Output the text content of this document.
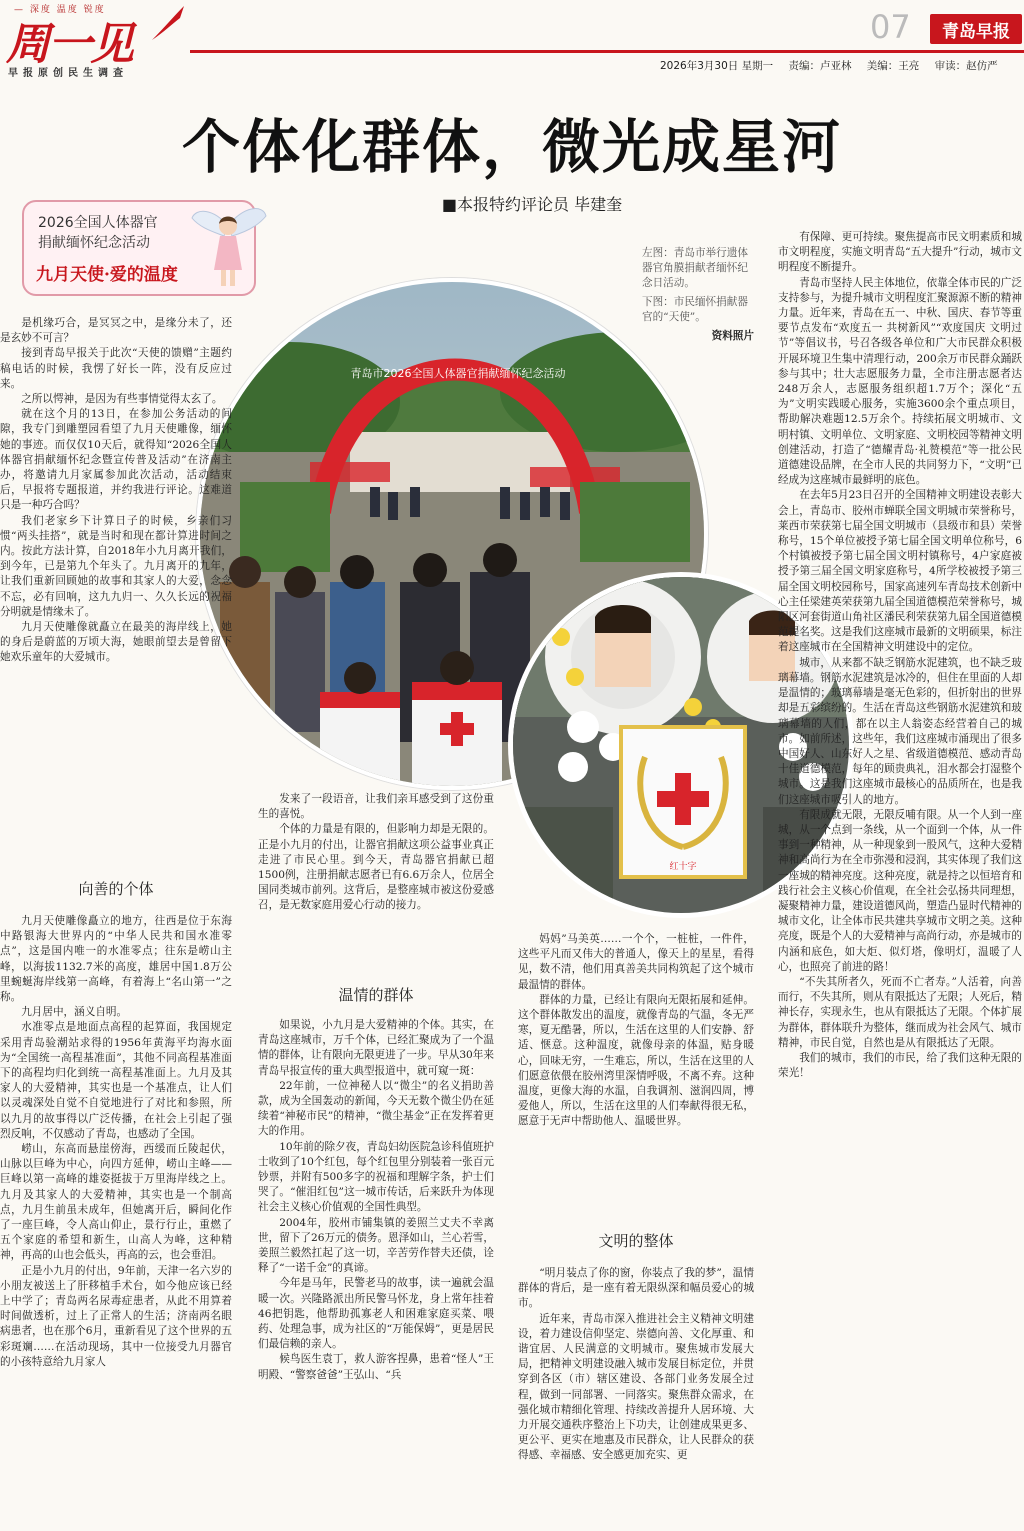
— 深度 温度 锐度
周一见
早报原创民生调查
07	青岛早报
2026年3月30日 星期一 责编：卢亚林 美编：王亮 审读：赵仿严
个体化群体，微光成星河
■本报特约评论员 毕建奎
2026全国人体器官
捐献缅怀纪念活动
九月天使·爱的温度

左图：青岛市举行遗体器官角膜捐献者缅怀纪念日活动。

下图：市民缅怀捐献器官的“天使”。

资料照片

青岛市2026全国人体器官捐献缅怀纪念活动
红十字

是机缘巧合，是冥冥之中，是缘分未了，还是玄妙不可言？

接到青岛早报关于此次“天使的馈赠”主题约稿电话的时候，我愣了好长一阵，没有反应过来。

之所以愕神，是因为有些事情觉得太玄了。

就在这个月的13日，在参加公务活动的间隙，我专门到雕塑园看望了九月天使雕像，缅怀她的事迹。而仅仅10天后，就得知“2026全国人体器官捐献缅怀纪念暨宣传普及活动”在济南主办，将邀请九月家属参加此次活动，活动结束后，早报将专题报道，并约我进行评论。这难道只是一种巧合吗？

我们老家乡下计算日子的时候，乡亲们习惯“两头挂搭”，就是当时和现在都计算进时间之内。按此方法计算，自2018年小九月离开我们，到今年，已是第九个年头了。九月离开的九年，让我们重新回顾她的故事和其家人的大爱，念念不忘，必有回响，这九九归一、久久长远的祝福分明就是情缘未了。

九月天使雕像就矗立在最美的海岸线上，她的身后是蔚蓝的万顷大海，她眼前望去是曾留下她欢乐童年的大爱城市。

向善的个体

九月天使雕像矗立的地方，往西是位于东海中路银海大世界内的“中华人民共和国水准零点”，这是国内唯一的水准零点；往东是崂山主峰，以海拔1132.7米的高度，雄居中国1.8万公里蜿蜒海岸线第一高峰，有着海上“名山第一”之称。

九月居中，涵义自明。

水准零点是地面点高程的起算面，我国规定采用青岛验潮站求得的1956年黄海平均海水面为“全国统一高程基准面”，其他不同高程基准面下的高程均归化到统一高程基准面上。九月及其家人的大爱精神，其实也是一个基准点，让人们以灵魂深处自觉不自觉地进行了对比和参照，所以九月的故事得以广泛传播，在社会上引起了强烈反响，不仅感动了青岛，也感动了全国。

崂山，东高而悬崖傍海，西缓而丘陵起伏，山脉以巨峰为中心，向四方延伸，崂山主峰——巨峰以第一高峰的雄姿挺拔于万里海岸线之上。九月及其家人的大爱精神，其实也是一个制高点，九月生前虽未成年，但她离开后，瞬间化作了一座巨峰，令人高山仰止，景行行止，重燃了五个家庭的希望和新生，山高人为峰，这种精神，再高的山也会低头，再高的云，也会垂泪。

正是小九月的付出，9年前，天津一名六岁的小朋友被送上了肝移植手术台，如今他应该已经上中学了；青岛两名尿毒症患者，从此不用算着时间做透析，过上了正常人的生活；济南两名眼病患者，也在那个6月，重新看见了这个世界的五彩斑斓……在活动现场，其中一位接受九月器官的小孩特意给九月家人

发来了一段语音，让我们亲耳感受到了这份重生的喜悦。

个体的力量是有限的，但影响力却是无限的。正是小九月的付出，让器官捐献这项公益事业真正走进了市民心里。到今天，青岛器官捐献已超1500例，注册捐献志愿者已有6.6万余人，位居全国同类城市前列。这背后，是整座城市被这份爱感召，是无数家庭用爱心行动的接力。

温情的群体

如果说，小九月是大爱精神的个体。其实，在青岛这座城市，万千个体，已经汇聚成为了一个温情的群体，让有限向无限更进了一步。早从30年来青岛早报宣传的重大典型报道中，就可窥一斑：

22年前，一位神秘人以“微尘”的名义捐助善款，成为全国轰动的新闻，今天无数个微尘仍在延续着“神秘市民”的精神，“微尘基金”正在发挥着更大的作用。

10年前的除夕夜，青岛妇幼医院急诊科值班护士收到了10个红包，每个红包里分别装着一张百元钞票，并附有500多字的祝福和理解字条，护士们哭了。“催泪红包”这一城市传话，后来跃升为体现社会主义核心价值观的全国性典型。

2004年，胶州市铺集镇的姜照兰丈夫不幸离世，留下了26万元的债务。恩泽如山，兰心若雪，姜照兰毅然扛起了这一切，辛苦劳作替夫还债，诠释了“一诺千金”的真谛。

今年是马年，民警老马的故事，读一遍就会温暖一次。兴隆路派出所民警马怀龙，身上常年挂着46把钥匙，他帮助孤寡老人和困难家庭买菜、喂药、处理急事，成为社区的“万能保姆”，更是居民们最信赖的亲人。

候鸟医生袁丁，救人游客捏鼻，患着“怪人”王明殿、“警察爸爸”王弘山、“兵

妈妈”马美英……一个个，一桩桩，一件件，这些平凡而又伟大的普通人，像天上的星星，看得见，数不清，他们用真善美共同构筑起了这个城市最温情的群体。

群体的力量，已经让有限向无限拓展和延伸。这个群体散发出的温度，就像青岛的气温，冬无严寒，夏无酷暑，所以，生活在这里的人们安静、舒适、惬意。这种温度，就像母亲的体温，贴身暖心，回味无穷，一生难忘，所以，生活在这里的人们愿意依偎在胶州湾里深情呼吸，不离不弃。这种温度，更像大海的水温，自我调剂、滋润四周，博爱他人，所以，生活在这里的人们奉献得很无私，愿意于无声中帮助他人、温暖世界。

文明的整体

“明月装点了你的窗，你装点了我的梦”，温情群体的背后，是一座有着无限纵深和幅员爱心的城市。

近年来，青岛市深入推进社会主义精神文明建设，着力建设信仰坚定、崇德向善、文化厚重、和谐宜居、人民满意的文明城市。聚焦城市发展大局，把精神文明建设融入城市发展目标定位，并贯穿到各区（市）辖区建设、各部门业务发展全过程，做到一同部署、一同落实。聚焦群众需求，在强化城市精细化管理、持续改善提升人居环境、大力开展交通秩序整治上下功夫，让创建成果更多、更公平、更实在地惠及市民群众，让人民群众的获得感、幸福感、安全感更加充实、更

有保障、更可持续。聚焦提高市民文明素质和城市文明程度，实施文明青岛“五大提升”行动，城市文明程度不断提升。

青岛市坚持人民主体地位，依靠全体市民的广泛支持参与，为提升城市文明程度汇聚源源不断的精神力量。近年来，青岛在五一、中秋、国庆、春节等重要节点发布“欢度五一 共树新风”“欢度国庆 文明过节”等倡议书，号召各级各单位和广大市民群众积极开展环境卫生集中清理行动，200余万市民群众踊跃参与其中；壮大志愿服务力量，全市注册志愿者达248万余人，志愿服务组织超1.7万个；深化“五为”文明实践暖心服务，实施3600余个重点项目，帮助解决难题12.5万余个。持续拓展文明城市、文明村镇、文明单位、文明家庭、文明校园等精神文明创建活动，打造了“德耀青岛·礼赞模范”等一批公民道德建设品牌，在全市人民的共同努力下，“文明”已经成为这座城市最鲜明的底色。

在去年5月23日召开的全国精神文明建设表彰大会上，青岛市、胶州市蝉联全国文明城市荣誉称号，莱西市荣获第七届全国文明城市（县级市和县）荣誉称号，15个单位被授予第七届全国文明单位称号，6个村镇被授予第七届全国文明村镇称号，4户家庭被授予第三届全国文明家庭称号，4所学校被授予第三届全国文明校园称号，国家高速列车青岛技术创新中心主任梁建英荣获第九届全国道德模范荣誉称号，城阳区河套街道山角社区潘民利荣获第九届全国道德模范提名奖。这是我们这座城市最新的文明硕果，标注着这座城市在全国精神文明建设中的定位。

城市，从来都不缺乏钢筋水泥建筑，也不缺乏玻璃幕墙。钢筋水泥建筑是冰冷的，但住在里面的人却是温情的；玻璃幕墙是毫无色彩的，但折射出的世界却是五彩缤纷的。生活在青岛这些钢筋水泥建筑和玻璃幕墙的人们，都在以主人翁姿态经营着自己的城市。如前所述，这些年，我们这座城市涌现出了很多中国好人、山东好人之星、省级道德模范、感动青岛十佳道德模范，每年的顾贵典礼，泪水都会打湿整个城市。这是我们这座城市最核心的品质所在，也是我们这座城市吸引人的地方。

有限成就无限，无限反哺有限。从一个人到一座城，从一个点到一条线，从一个面到一个体，从一件事到一种精神，从一种现象到一股风气，这种大爱精神和高尚行为在全市弥漫和浸润，其实体现了我们这一座城的精神亮度。这种亮度，就是持之以恒培育和践行社会主义核心价值观，在全社会弘扬共同理想，凝聚精神力量，建设道德风尚，塑造凸显时代精神的城市文化，让全体市民共建共享城市文明之美。这种亮度，既是个人的大爱精神与高尚行动，亦是城市的内涵和底色，如大炬、似灯塔，像明灯，温暖了人心，也照亮了前进的路！

“不失其所者久，死而不亡者寿。”人活着，向善而行，不失其所，则从有限抵达了无限；人死后，精神长存，实现永生，也从有限抵达了无限。个体扩展为群体，群体联升为整体，继而成为社会风气、城市精神，市民自觉，自然也是从有限抵达了无限。

我们的城市，我们的市民，给了我们这种无限的荣光！
